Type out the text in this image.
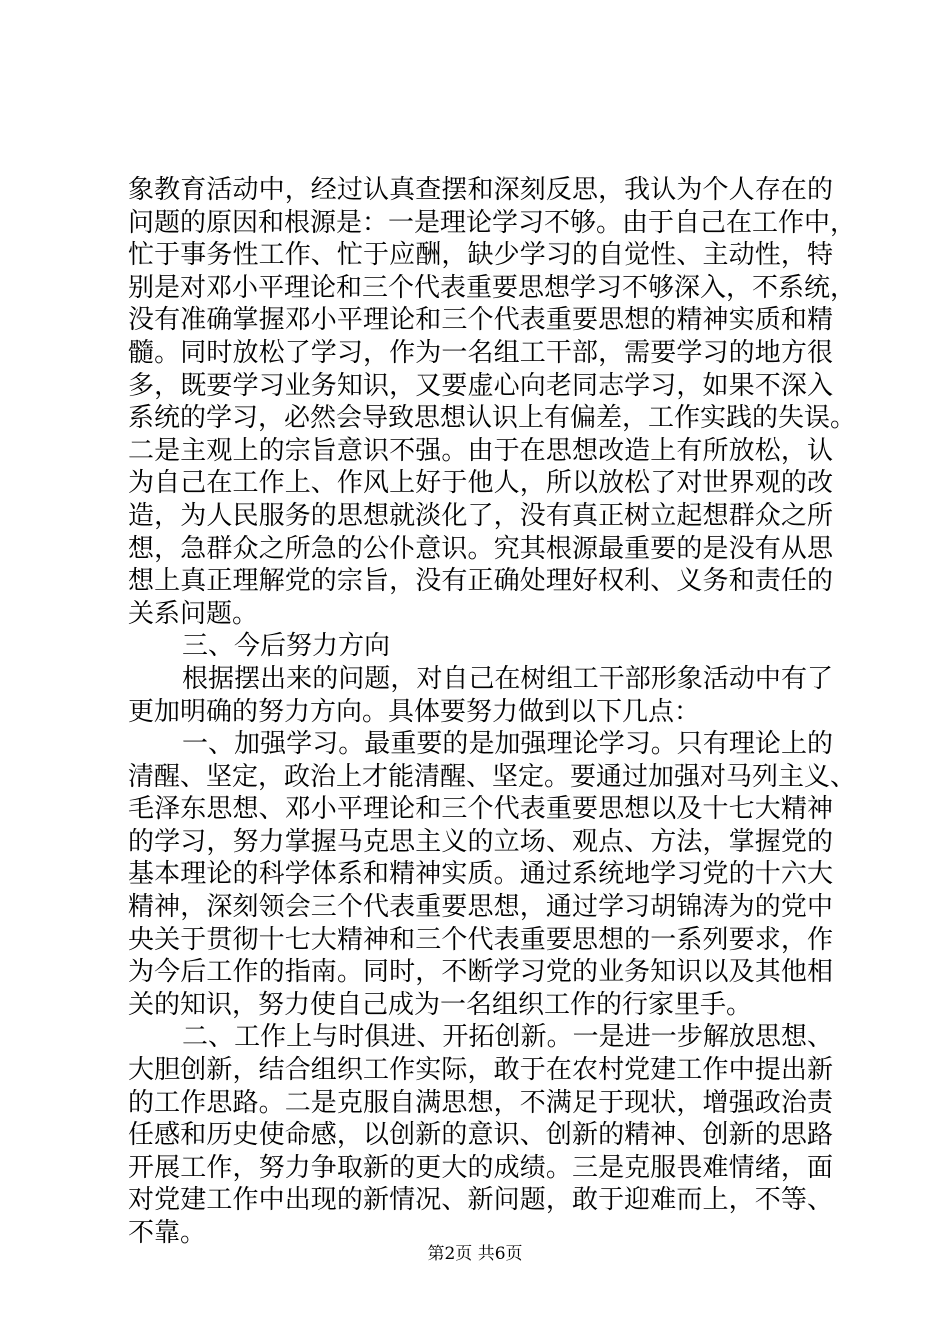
象教育活动中，经过认真查摆和深刻反思，我认为个人存在的
问题的原因和根源是：一是理论学习不够。由于自己在工作中，
忙于事务性工作、忙于应酬，缺少学习的自觉性、主动性，特
别是对邓小平理论和三个代表重要思想学习不够深入，不系统，
没有准确掌握邓小平理论和三个代表重要思想的精神实质和精
髓。同时放松了学习，作为一名组工干部，需要学习的地方很
多，既要学习业务知识，又要虚心向老同志学习，如果不深入
系统的学习，必然会导致思想认识上有偏差，工作实践的失误。
二是主观上的宗旨意识不强。由于在思想改造上有所放松，认
为自己在工作上、作风上好于他人，所以放松了对世界观的改
造，为人民服务的思想就淡化了，没有真正树立起想群众之所
想，急群众之所急的公仆意识。究其根源最重要的是没有从思
想上真正理解党的宗旨，没有正确处理好权利、义务和责任的
关系问题。
三、今后努力方向
根据摆出来的问题，对自己在树组工干部形象活动中有了
更加明确的努力方向。具体要努力做到以下几点：
一、加强学习。最重要的是加强理论学习。只有理论上的
清醒、坚定，政治上才能清醒、坚定。要通过加强对马列主义、
毛泽东思想、邓小平理论和三个代表重要思想以及十七大精神
的学习，努力掌握马克思主义的立场、观点、方法，掌握党的
基本理论的科学体系和精神实质。通过系统地学习党的十六大
精神，深刻领会三个代表重要思想，通过学习胡锦涛为的党中
央关于贯彻十七大精神和三个代表重要思想的一系列要求，作
为今后工作的指南。同时，不断学习党的业务知识以及其他相
关的知识，努力使自己成为一名组织工作的行家里手。
二、工作上与时俱进、开拓创新。一是进一步解放思想、
大胆创新，结合组织工作实际，敢于在农村党建工作中提出新
的工作思路。二是克服自满思想，不满足于现状，增强政治责
任感和历史使命感，以创新的意识、创新的精神、创新的思路
开展工作，努力争取新的更大的成绩。三是克服畏难情绪，面
对党建工作中出现的新情况、新问题，敢于迎难而上，不等、
不靠。
第2页 共6页
